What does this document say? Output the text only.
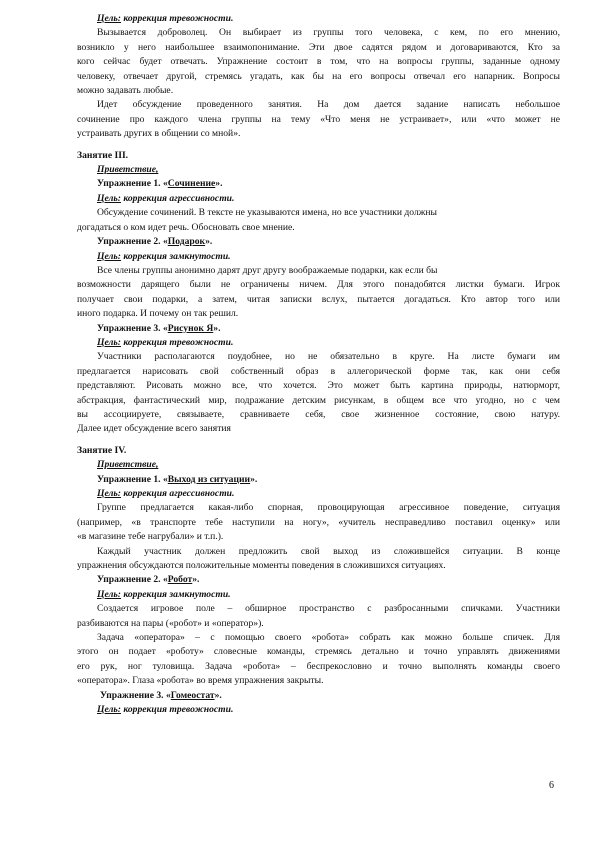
Цель: коррекция тревожности.
Вызывается доброволец. Он выбирает из группы того человека, с кем, по его мнению,
возникло у него наибольшее взаимопонимание. Эти двое садятся рядом и договариваются, Кто за
кого сейчас будет отвечать. Упражнение состоит в том, что на вопросы группы, заданные одному
человеку, отвечает другой, стремясь угадать, как бы на его вопросы отвечал его напарник. Вопросы
можно задавать любые.
Идет обсуждение проведенного занятия. На дом дается задание написать небольшое
сочинение про каждого члена группы на тему «Что меня не устраивает», или «что может не
устраивать других в общении со мной».
Занятие III.
Приветствие,
Упражнение 1. «Сочинение».
Цель: коррекция агрессивности.
Обсуждение сочинений. В тексте не указываются имена, но все участники должны
догадаться о ком идет речь. Обосновать свое мнение.
Упражнение 2. «Подарок».
Цель: коррекция замкнутости.
Все члены группы анонимно дарят друг другу воображаемые подарки, как если бы
возможности дарящего были не ограничены ничем. Для этого понадобятся листки бумаги. Игрок
получает свои подарки, а затем, читая записки вслух, пытается догадаться. Кто автор того или
иного подарка. И почему он так решил.
Упражнение 3. «Рисунок Я».
Цель: коррекция тревожности.
Участники располагаются поудобнее, но не обязательно в круге. На листе бумаги им
предлагается нарисовать свой собственный образ в аллегорической форме так, как они себя
представляют. Рисовать можно все, что хочется. Это может быть картина природы, натюрморт,
абстракция, фантастический мир, подражание детским рисункам, в общем все что угодно, но с чем
вы ассоциируете, связываете, сравниваете себя, свое жизненное состояние, свою натуру.
Далее идет обсуждение всего занятия
Занятие IV.
Приветствие,
Упражнение 1. «Выход из ситуации».
Цель: коррекция агрессивности.
Группе предлагается какая-либо спорная, провоцирующая агрессивное поведение, ситуация
(например, «в транспорте тебе наступили на ногу», «учитель несправедливо поставил оценку» или
«в магазине тебе нагрубали» и т.п.).
Каждый участник должен предложить свой выход из сложившейся ситуации. В конце
упражнения обсуждаются положительные моменты поведения в сложившихся ситуациях.
Упражнение 2. «Робот».
Цель: коррекция замкнутости.
Создается игровое поле – обширное пространство с разбросанными спичками. Участники
разбиваются на пары («робот» и «оператор»).
Задача «оператора» – с помощью своего «робота» собрать как можно больше спичек. Для
этого он подает «роботу» словесные команды, стремясь детально и точно управлять движениями
его рук, ног туловища. Задача «робота» – беспрекословно и точно выполнять команды своего
«оператора». Глаза «робота» во время упражнения закрыты.
Упражнение 3. «Гомеостат».
Цель: коррекция тревожности.
6
